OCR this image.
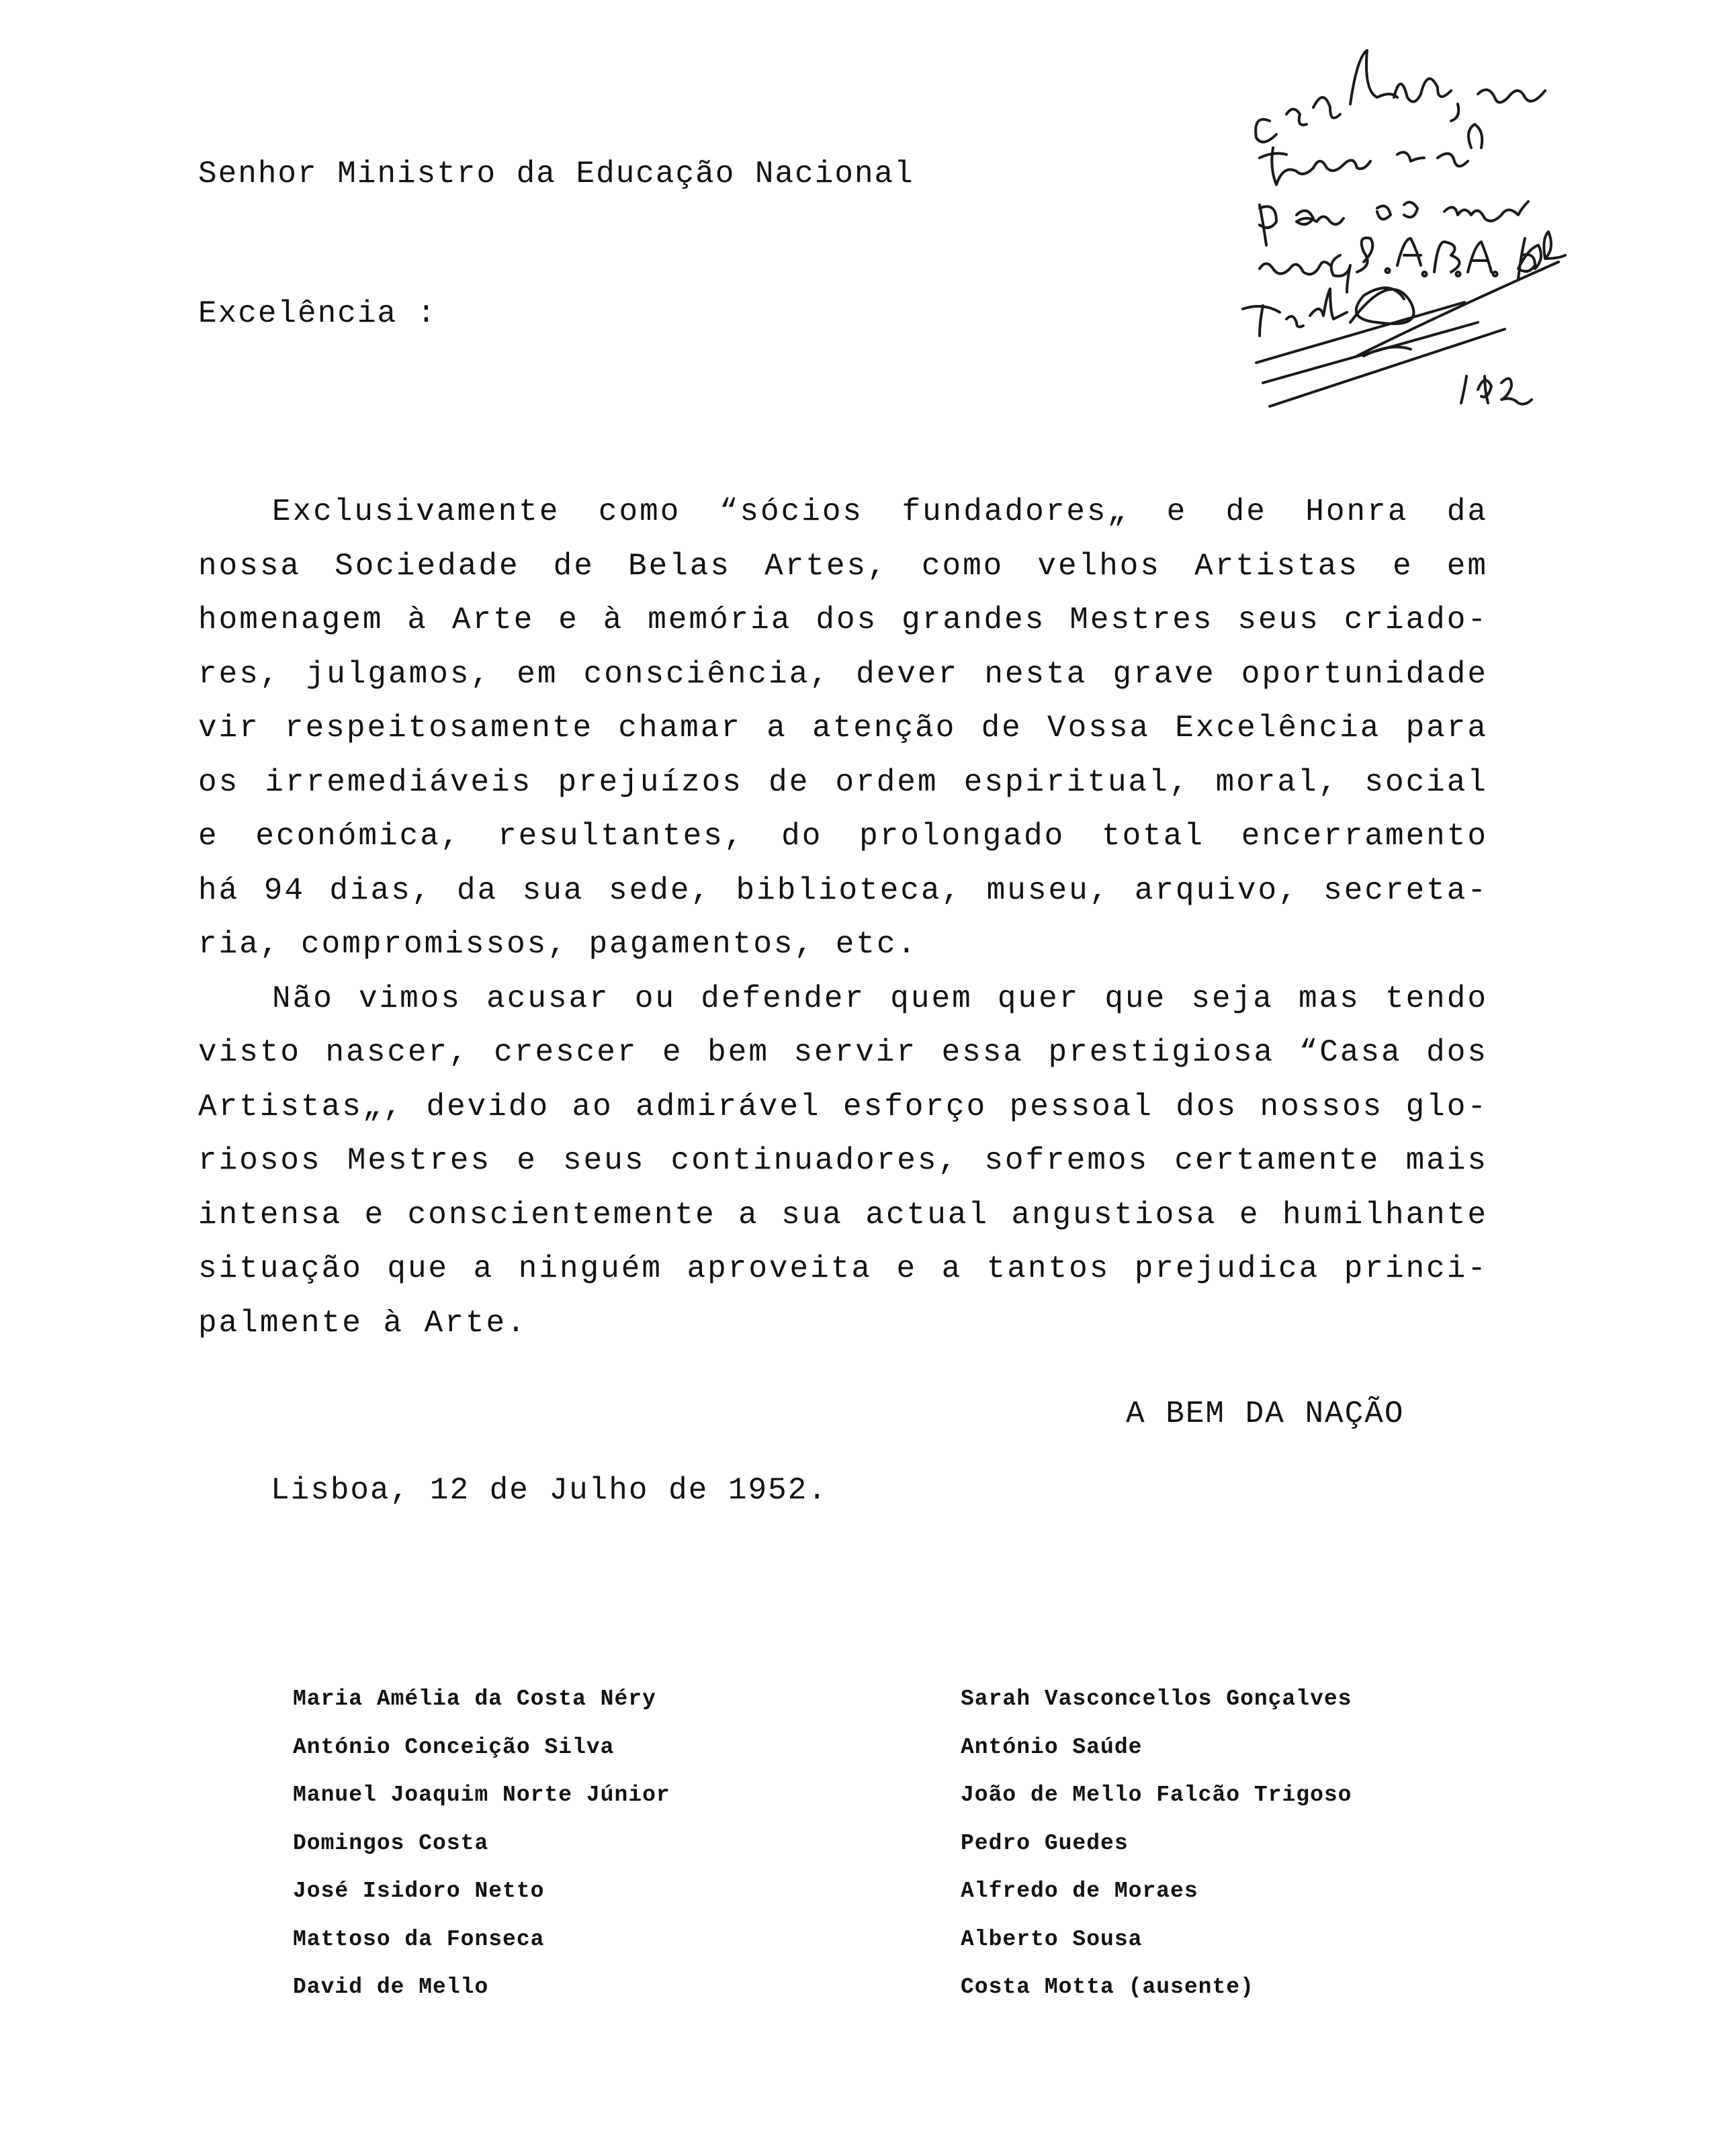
Senhor Ministro da Educação Nacional
Excelência :
Exclusivamente como “sócios fundadores„ e de Honra da
nossa Sociedade de Belas Artes, como velhos Artistas e em
homenagem à Arte e à memória dos grandes Mestres seus criado-
res, julgamos, em consciência, dever nesta grave oportunidade
vir respeitosamente chamar a atenção de Vossa Excelência para
os irremediáveis prejuízos de ordem espiritual, moral, social
e económica, resultantes, do prolongado total encerramento
há 94 dias, da sua sede, biblioteca, museu, arquivo, secreta-
ria, compromissos, pagamentos, etc.
Não vimos acusar ou defender quem quer que seja mas tendo
visto nascer, crescer e bem servir essa prestigiosa “Casa dos
Artistas„, devido ao admirável esforço pessoal dos nossos glo-
riosos Mestres e seus continuadores, sofremos certamente mais
intensa e conscientemente a sua actual angustiosa e humilhante
situação que a ninguém aproveita e a tantos prejudica princi-
palmente à Arte.
A BEM DA NAÇÃO
Lisboa, 12 de Julho de 1952.
Maria Amélia da Costa Néry
António Conceição Silva
Manuel Joaquim Norte Júnior
Domingos Costa
José Isidoro Netto
Mattoso da Fonseca
David de Mello
Sarah Vasconcellos Gonçalves
António Saúde
João de Mello Falcão Trigoso
Pedro Guedes
Alfredo de Moraes
Alberto Sousa
Costa Motta (ausente)
